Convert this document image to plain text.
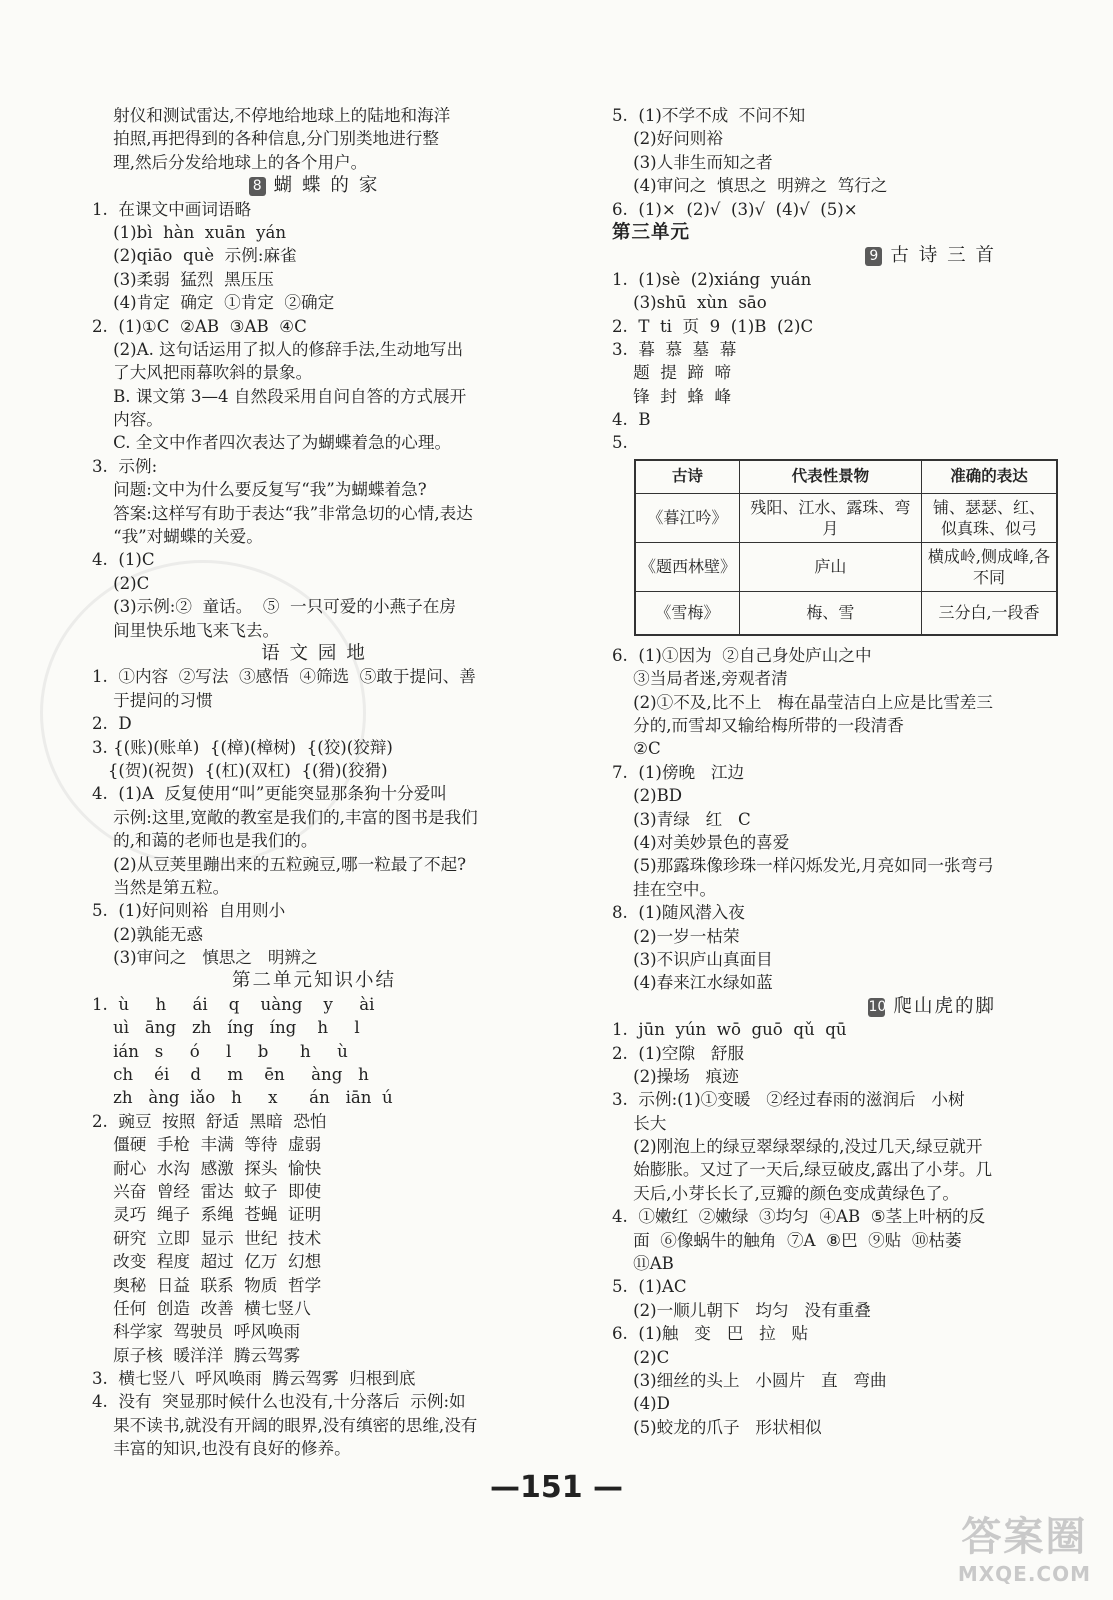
射仪和测试雷达,不停地给地球上的陆地和海洋
拍照,再把得到的各种信息,分门别类地进行整
理,然后分发给地球上的各个用户。
8 蝴 蝶 的 家
1.  在课文中画词语略
(1)bì  hàn  xuān  yán
(2)qiāo  què  示例:麻雀
(3)柔弱  猛烈  黑压压
(4)肯定  确定  ①肯定  ②确定
2.  (1)①C  ②AB  ③AB  ④C
(2)A. 这句话运用了拟人的修辞手法,生动地写出
了大风把雨幕吹斜的景象。
B. 课文第 3—4 自然段采用自问自答的方式展开
内容。
C. 全文中作者四次表达了为蝴蝶着急的心理。
3.  示例:
问题:文中为什么要反复写“我”为蝴蝶着急?
答案:这样写有助于表达“我”非常急切的心情,表达
“我”对蝴蝶的关爱。
4.  (1)C
(2)C
(3)示例:②  童话。  ⑤  一只可爱的小燕子在房
间里快乐地飞来飞去。
语 文 园 地
1.  ①内容  ②写法  ③感悟  ④筛选  ⑤敢于提问、善
于提问的习惯
2.  D
3. {(账)(账单)  {(樟)(樟树)  {(狡)(狡辩)
{(贺)(祝贺)  {(杠)(双杠)  {(猾)(狡猾)
4.  (1)A  反复使用“叫”更能突显那条狗十分爱叫
示例:这里,宽敞的教室是我们的,丰富的图书是我们
的,和蔼的老师也是我们的。
(2)从豆荚里蹦出来的五粒豌豆,哪一粒最了不起?
当然是第五粒。
5.  (1)好问则裕  自用则小
(2)孰能无惑
(3)审问之   慎思之   明辨之
第二单元知识小结
1.  ù     h     ái    q    uàng    y     ài
uì   āng   zh   íng   íng    h     l
ián   s     ó     l     b      h     ù
ch    éi    d     m    ēn     àng   h
zh   àng  iǎo   h     x      án   iān  ú
2.  豌豆  按照  舒适  黑暗  恐怕
僵硬  手枪  丰满  等待  虚弱
耐心  水沟  感激  探头  愉快
兴奋  曾经  雷达  蚊子  即使
灵巧  绳子  系绳  苍蝇  证明
研究  立即  显示  世纪  技术
改变  程度  超过  亿万  幻想
奥秘  日益  联系  物质  哲学
任何  创造  改善  横七竖八
科学家  驾驶员  呼风唤雨
原子核  暖洋洋  腾云驾雾
3.  横七竖八  呼风唤雨  腾云驾雾  归根到底
4.  没有  突显那时候什么也没有,十分落后  示例:如
果不读书,就没有开阔的眼界,没有缜密的思维,没有
丰富的知识,也没有良好的修养。
5.  (1)不学不成  不问不知
(2)好问则裕
(3)人非生而知之者
(4)审问之  慎思之  明辨之  笃行之
6.  (1)×  (2)√  (3)√  (4)√  (5)×
第三单元
9 古 诗 三 首
1.  (1)sè  (2)xiáng  yuán
(3)shū  xùn  sāo
2.  T  ti  页  9  (1)B  (2)C
3.  暮  慕  墓  幕
题  提  蹄  啼
锋  封  蜂  峰
4.  B
5.
古诗	代表性景物	准确的表达
《暮江吟》	残阳、江水、露珠、弯月	铺、瑟瑟、红、似真珠、似弓
《题西林壁》	庐山	横成岭,侧成峰,各不同
《雪梅》	梅、雪	三分白,一段香
6.  (1)①因为  ②自己身处庐山之中
③当局者迷,旁观者清
(2)①不及,比不上   梅在晶莹洁白上应是比雪差三
分的,而雪却又输给梅所带的一段清香
②C
7.  (1)傍晚   江边
(2)BD
(3)青绿   红   C
(4)对美妙景色的喜爱
(5)那露珠像珍珠一样闪烁发光,月亮如同一张弯弓
挂在空中。
8.  (1)随风潜入夜
(2)一岁一枯荣
(3)不识庐山真面目
(4)春来江水绿如蓝
10 爬山虎的脚
1.  jūn  yún  wō  guō  qǔ  qū
2.  (1)空隙   舒服
(2)操场   痕迹
3.  示例:(1)①变暖   ②经过春雨的滋润后   小树
长大
(2)刚泡上的绿豆翠绿翠绿的,没过几天,绿豆就开
始膨胀。又过了一天后,绿豆破皮,露出了小芽。几
天后,小芽长长了,豆瓣的颜色变成黄绿色了。
4.  ①嫩红  ②嫩绿  ③均匀  ④AB  ⑤茎上叶柄的反
面  ⑥像蜗牛的触角  ⑦A  ⑧巴  ⑨贴  ⑩枯萎
⑪AB
5.  (1)AC
(2)一顺儿朝下   均匀   没有重叠
6.  (1)触   变   巴   拉   贴
(2)C
(3)细丝的头上   小圆片   直   弯曲
(4)D
(5)蛟龙的爪子   形状相似
—151 —
答案圈
MXQE.COM
